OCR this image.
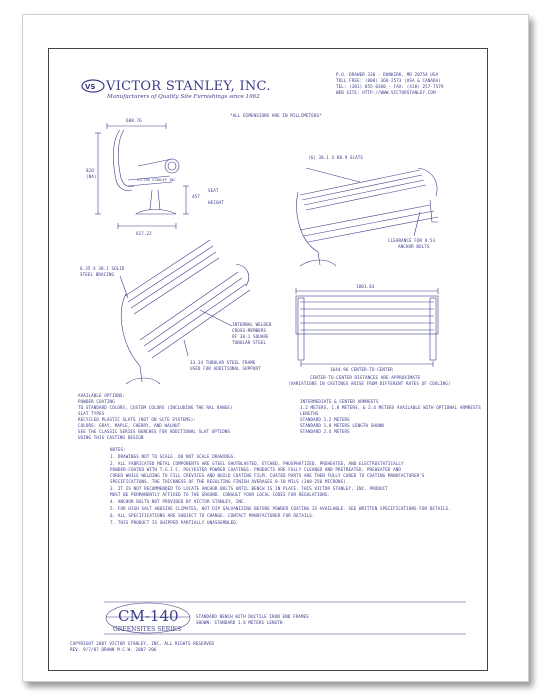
VS VICTOR STANLEY, INC.
Manufacturers of Quality Site Furnishings since 1962
P.O. DRAWER 330 - DUNKIRK, MD 20754 USA
TOLL FREE: (800) 368-2573 (USA & CANADA)
TEL: (301) 855-8300 - FAX: (410) 257-7579
WEB SITE: HTTP://WWW.VICTORSTANLEY.COM
*ALL DIMENSIONS ARE IN MILLIMETERS*
608.76
820
(NA)
SEAT
457
HEIGHT
617.22
VICTOR STANLEY INC
(6) 38.1 X 88.9 SLATS
CLEARANCE FOR 9.53
ANCHOR BOLTS
6.35 X 38.1 SOLID
STEEL BRACING
INTERNAL WELDED
CROSS-MEMBERS
OF 38.1 SQUARE
TUBULAR STEEL
33.34 TUBULAR STEEL FRAME
USED FOR ADDITIONAL SUPPORT
1801.83
1644.96 CENTER-TO-CENTER
CENTER-TO-CENTER DISTANCES ARE APPROXIMATE
(VARIATIONS IN CASTINGS ARISE FROM DIFFERENT RATES OF COOLING)
AVAILABLE OPTIONS:
POWDER COATING
TO STANDARD COLORS, CUSTOM COLORS (INCLUDING THE RAL RANGE)
SLAT TYPES
RECYCLED PLASTIC SLATS (NOT ON SCTE SYSTEMS):
COLORS: GRAY, MAPLE, CHERRY, AND WALNUT
SEE THE CLASSIC SERIES BENCHES FOR ADDITIONAL SLAT OPTIONS
USING THIS CASTING DESIGN
INTERMEDIATE & CENTER ARMRESTS
1.2 METERS, 1.8 METERS, & 2.4 METERS AVAILABLE WITH OPTIONAL ARMRESTS
LENGTHS
STANDARD 1.2 METERS
STANDARD 1.8 METERS LENGTH SHOWN
STANDARD 2.4 METERS
NOTES:
1. DRAWINGS NOT TO SCALE. DO NOT SCALE DRAWINGS.
2. ALL FABRICATED METAL COMPONENTS ARE STEEL SHOTBLASTED, ETCHED, PHOSPHATIZED, PREHEATED, AND ELECTROSTATICALLY
POWDER-COATED WITH T.G.I.C. POLYESTER POWDER COATINGS. PRODUCTS ARE FULLY CLEANED AND PRETREATED, PREHEATED AND
CURED WHILE WELDING TO FILL CREVICES AND BUILD COATING FILM. COATED PARTS ARE THEN FULLY CURED TO COATING MANUFACTURER'S
SPECIFICATIONS. THE THICKNESS OF THE RESULTING FINISH AVERAGES 8-10 MILS (200-250 MICRONS).
3. IT IS NOT RECOMMENDED TO LOCATE ANCHOR BOLTS UNTIL BENCH IS IN PLACE. THIS VICTOR STANLEY, INC. PRODUCT
MUST BE PERMANENTLY AFFIXED TO THE GROUND. CONSULT YOUR LOCAL CODES FOR REGULATIONS.
4. ANCHOR BOLTS NOT PROVIDED BY VICTOR STANLEY, INC.
5. FOR HIGH SALT ABUSIVE CLIMATES, HOT DIP GALVANIZING BEFORE POWDER COATING IS AVAILABLE. SEE WRITTEN SPECIFICATIONS FOR DETAILS.
6. ALL SPECIFICATIONS ARE SUBJECT TO CHANGE. CONTACT MANUFACTURER FOR DETAILS.
7. THIS PRODUCT IS SHIPPED PARTIALLY UNASSEMBLED.
CM-140
GREENSITES SERIES
STANDARD BENCH WITH DUCTILE IRON END FRAMES
SHOWN: STANDARD 1.8 METERS LENGTH
COPYRIGHT 2007 VICTOR STANLEY, INC. ALL RIGHTS RESERVED
REV. 9/7/07 DRAWN M.C.W. 2007-206
